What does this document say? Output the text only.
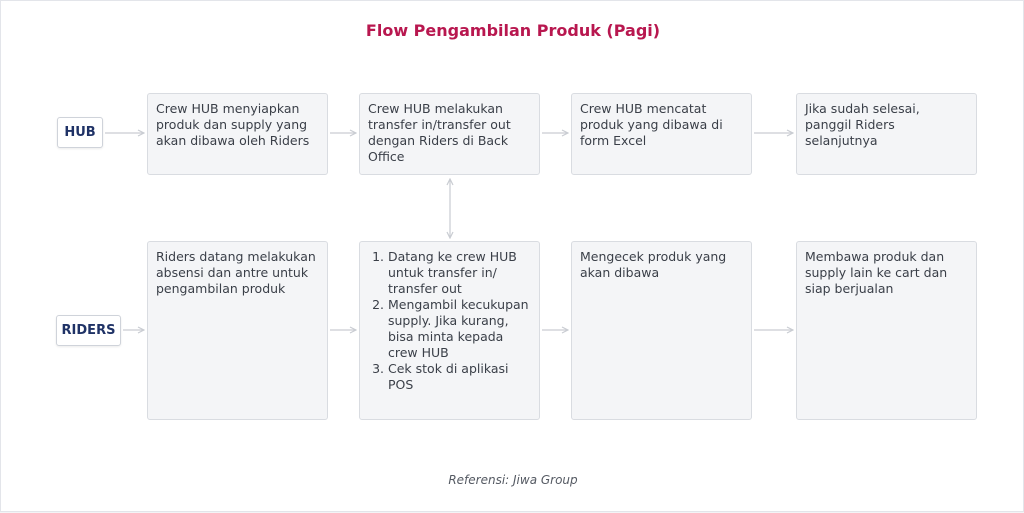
Flow Pengambilan Produk (Pagi)
HUB
RIDERS
Crew HUB menyiapkan produk dan supply yang akan dibawa oleh Riders
Crew HUB melakukan transfer in/transfer out dengan Riders di Back Office
Crew HUB mencatat produk yang dibawa di form Excel
Jika sudah selesai, panggil Riders selanjutnya
Riders datang melakukan absensi dan antre untuk pengambilan produk
1. Datang ke crew HUB untuk transfer in/ transfer out
2. Mengambil kecukupan supply. Jika kurang, bisa minta kepada crew HUB
3. Cek stok di aplikasi POS
Mengecek produk yang akan dibawa
Membawa produk dan supply lain ke cart dan siap berjualan
Referensi: Jiwa Group
